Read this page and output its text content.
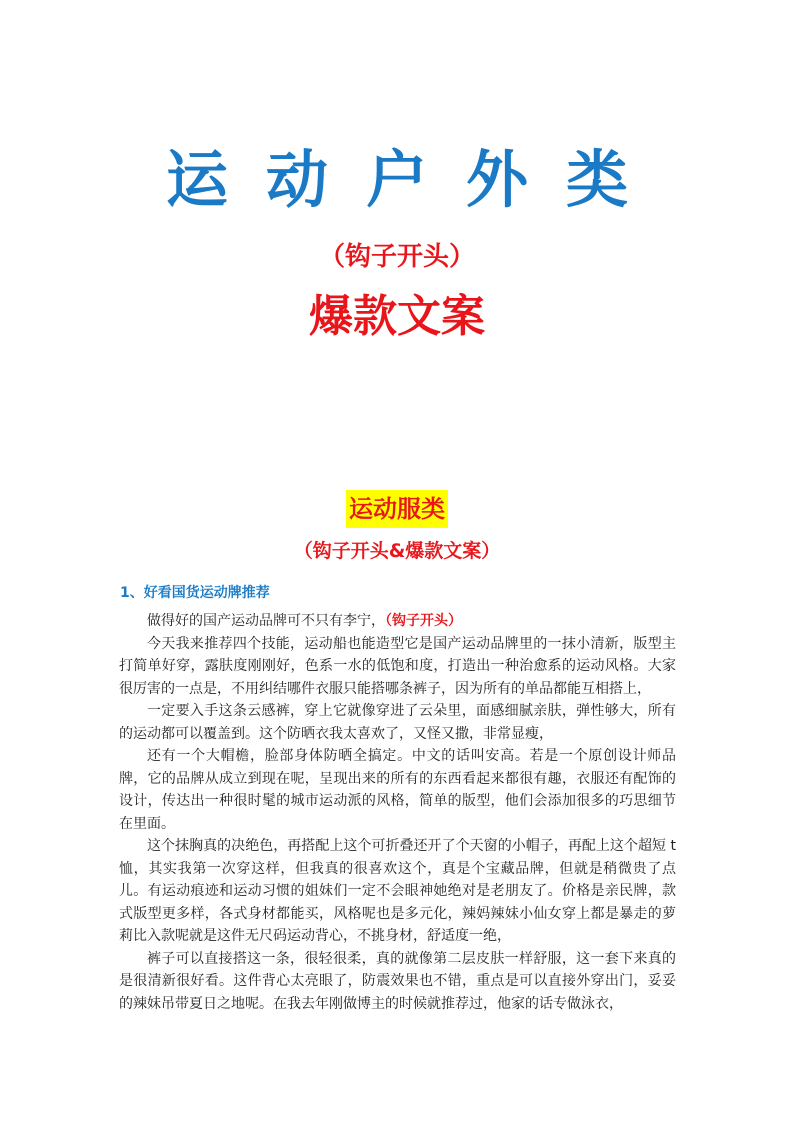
运动户外类
（钩子开头）
爆款文案
运动服类
（钩子开头&爆款文案）
1、好看国货运动牌推荐

做得好的国产运动品牌可不只有李宁，（钩子开头）

今天我来推荐四个技能，运动船也能造型它是国产运动品牌里的一抹小清新，版型主打简单好穿，露肤度刚刚好，色系一水的低饱和度，打造出一种治愈系的运动风格。大家很厉害的一点是，不用纠结哪件衣服只能搭哪条裤子，因为所有的单品都能互相搭上，

一定要入手这条云感裤，穿上它就像穿进了云朵里，面感细腻亲肤，弹性够大，所有的运动都可以覆盖到。这个防晒衣我太喜欢了，又怪又撒，非常显瘦，

还有一个大帽檐，脸部身体防晒全搞定。中文的话叫安高。若是一个原创设计师品牌，它的品牌从成立到现在呢，呈现出来的所有的东西看起来都很有趣，衣服还有配饰的设计，传达出一种很时髦的城市运动派的风格，简单的版型，他们会添加很多的巧思细节在里面。

这个抹胸真的决绝色，再搭配上这个可折叠还开了个天窗的小帽子，再配上这个超短 t 恤，其实我第一次穿这样，但我真的很喜欢这个，真是个宝藏品牌，但就是稍微贵了点儿。有运动痕迹和运动习惯的姐妹们一定不会眼神她绝对是老朋友了。价格是亲民牌，款式版型更多样，各式身材都能买，风格呢也是多元化，辣妈辣妹小仙女穿上都是暴走的萝莉比入款呢就是这件无尺码运动背心，不挑身材，舒适度一绝，

裤子可以直接搭这一条，很轻很柔，真的就像第二层皮肤一样舒服，这一套下来真的是很清新很好看。这件背心太亮眼了，防震效果也不错，重点是可以直接外穿出门，妥妥的辣妹吊带夏日之地呢。在我去年刚做博主的时候就推荐过，他家的话专做泳衣，
